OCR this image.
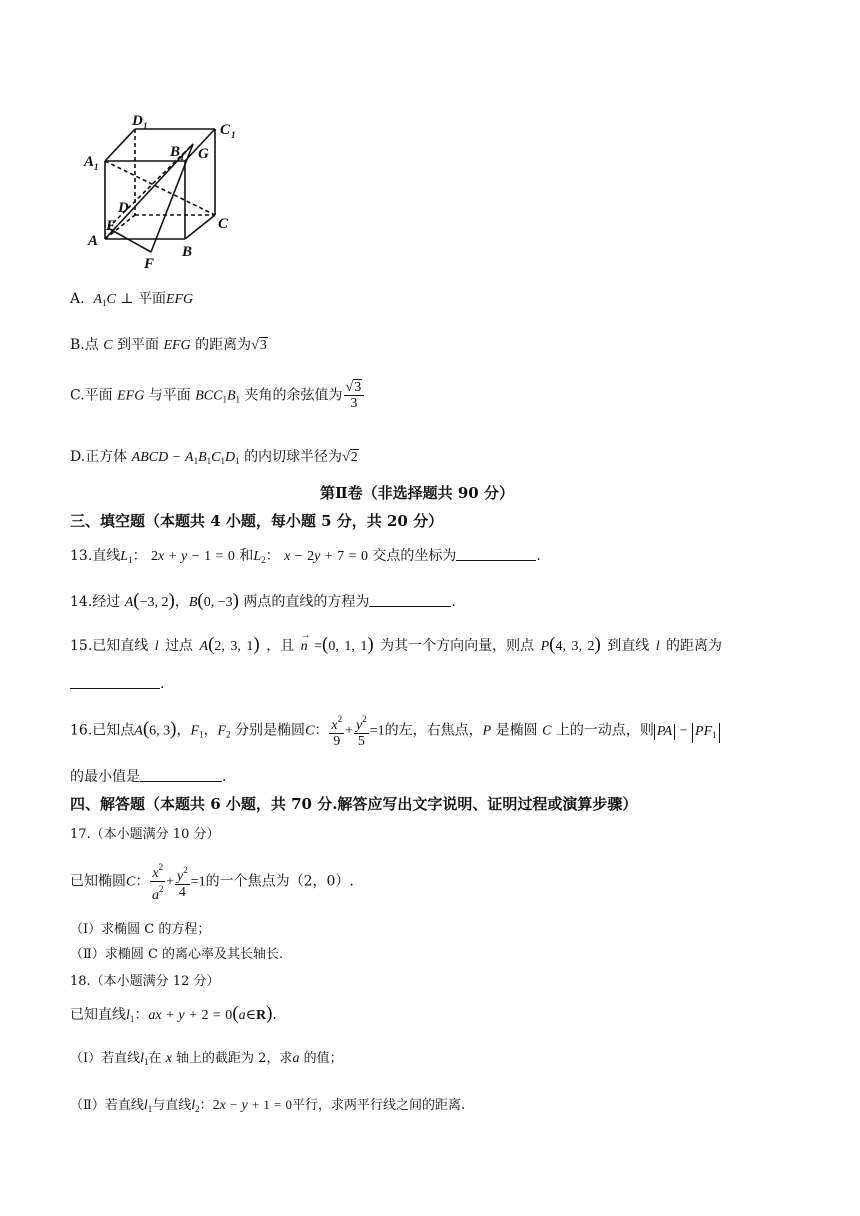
D 1	C 1
A 1
B 1 G
D
E
A
C
B
F
A. $A_1C$ ⊥ 平面EFG
B.点 C 到平面 EFG 的距离为√3
C.平面 EFG 与平面 $BCC_1B_1$ 夹角的余弦值为 $\frac{√3}{3}$
D.正方体 ABCD − $A_1B_1C_1D_1$ 的内切球半径为√2
第Ⅱ卷（非选择题共 90 分）
三、填空题（本题共 4 小题，每小题 5 分，共 20 分）
13.直线$L_1$： 2x + y − 1 = 0 和$L_2$： x − 2y + 7 = 0 交点的坐标为	.
14.经过 A(−3, 2)，B(0, −3) 两点的直线的方程为	.
15.已知直线 l 过点 A(2, 3, 1) ，且 n
→
=(0, 1, 1) 为其一个方向向量，则点 P(4, 3, 2) 到直线 l 的距离为
.
16.已知点A(6, 3)，$F_1$，$F_2$ 分别是椭圆C： $\frac{x^2}{9} + \frac{y^2}{5} =1$的左，右焦点，P 是椭圆 C 上的一动点，则 PA − $PF_1$
的最小值是	.
四、解答题（本题共 6 小题，共 70 分.解答应写出文字说明、证明过程或演算步骤）
17.（本小题满分 10 分）
已知椭圆C： $\frac{x^2}{a^2} + \frac{y^2}{4} =1$的一个焦点为（2，0）.
（Ⅰ）求椭圆 C 的方程；
（Ⅱ）求椭圆 C 的离心率及其长轴长.
18.（本小题满分 12 分）
已知直线$l_1$：ax + y + 2 = 0(a∈R).
（Ⅰ）若直线$l_1$在 x 轴上的截距为 2，求a 的值；
（Ⅱ）若直线$l_1$与直线$l_2$：2x − y + 1 = 0平行，求两平行线之间的距离.
